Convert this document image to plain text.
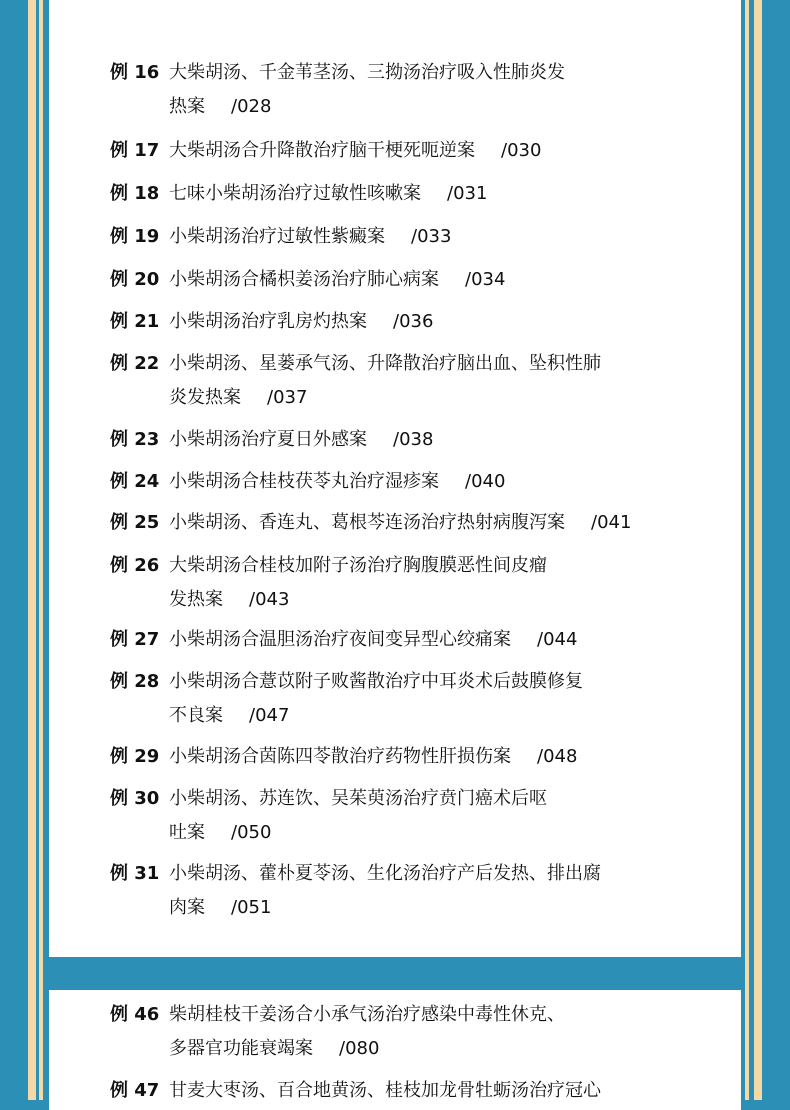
例 16 大柴胡汤、千金苇茎汤、三拗汤治疗吸入性肺炎发
热案 /028
例 17 大柴胡汤合升降散治疗脑干梗死呃逆案 /030
例 18 七味小柴胡汤治疗过敏性咳嗽案 /031
例 19 小柴胡汤治疗过敏性紫癜案 /033
例 20 小柴胡汤合橘枳姜汤治疗肺心病案 /034
例 21 小柴胡汤治疗乳房灼热案 /036
例 22 小柴胡汤、星蒌承气汤、升降散治疗脑出血、坠积性肺
炎发热案 /037
例 23 小柴胡汤治疗夏日外感案 /038
例 24 小柴胡汤合桂枝茯苓丸治疗湿疹案 /040
例 25 小柴胡汤、香连丸、葛根芩连汤治疗热射病腹泻案 /041
例 26 大柴胡汤合桂枝加附子汤治疗胸腹膜恶性间皮瘤
发热案 /043
例 27 小柴胡汤合温胆汤治疗夜间变异型心绞痛案 /044
例 28 小柴胡汤合薏苡附子败酱散治疗中耳炎术后鼓膜修复
不良案 /047
例 29 小柴胡汤合茵陈四苓散治疗药物性肝损伤案 /048
例 30 小柴胡汤、苏连饮、吴茱萸汤治疗贲门癌术后呕
吐案 /050
例 31 小柴胡汤、藿朴夏苓汤、生化汤治疗产后发热、排出腐
肉案 /051
例 46 柴胡桂枝干姜汤合小承气汤治疗感染中毒性休克、
多器官功能衰竭案 /080
例 47 甘麦大枣汤、百合地黄汤、桂枝加龙骨牡蛎汤治疗冠心
